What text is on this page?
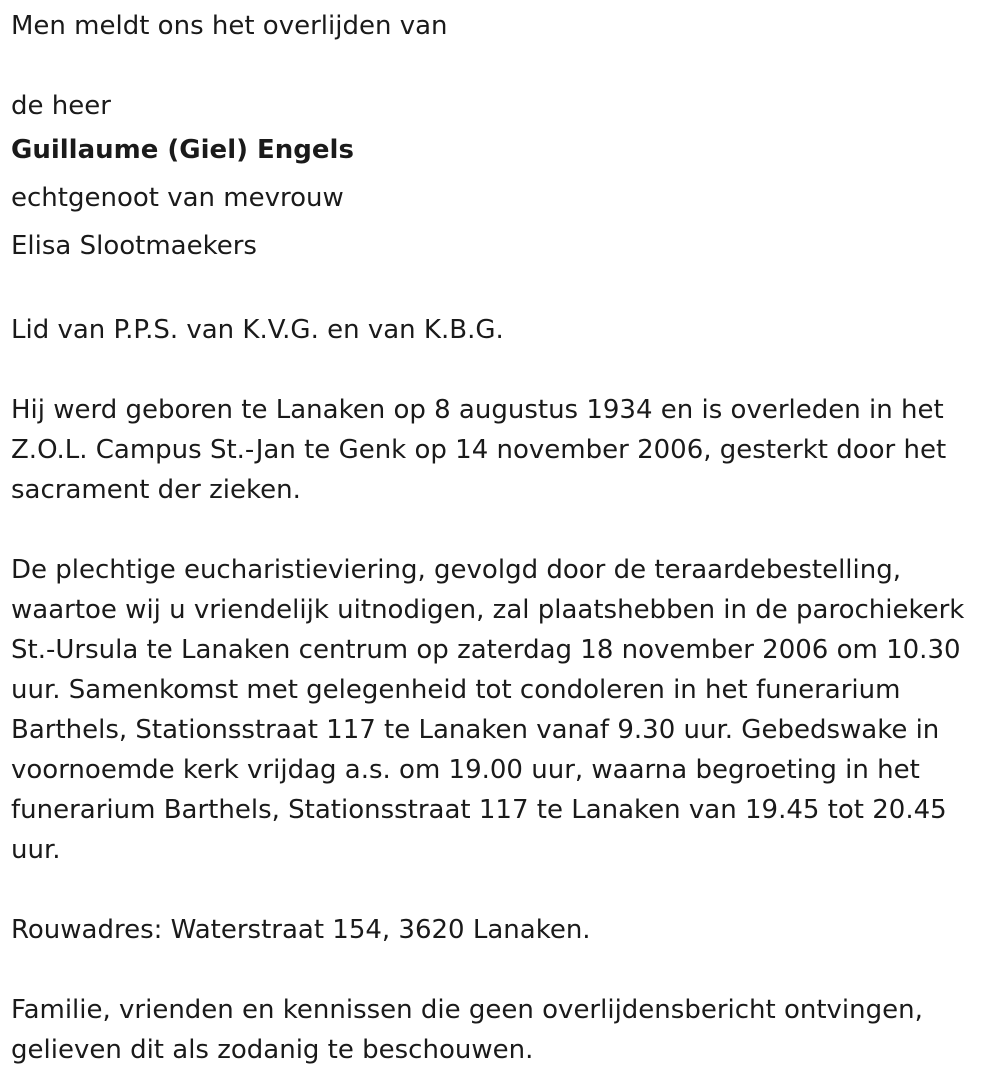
Men meldt ons het overlijden van
de heer
Guillaume (Giel) Engels
echtgenoot van mevrouw
Elisa Slootmaekers
Lid van P.P.S. van K.V.G. en van K.B.G.
Hij werd geboren te Lanaken op 8 augustus 1934 en is overleden in het
Z.O.L. Campus St.-Jan te Genk op 14 november 2006, gesterkt door het
sacrament der zieken.
De plechtige eucharistieviering, gevolgd door de teraardebestelling,
waartoe wij u vriendelijk uitnodigen, zal plaatshebben in de parochiekerk
St.-Ursula te Lanaken centrum op zaterdag 18 november 2006 om 10.30
uur. Samenkomst met gelegenheid tot condoleren in het funerarium
Barthels, Stationsstraat 117 te Lanaken vanaf 9.30 uur. Gebedswake in
voornoemde kerk vrijdag a.s. om 19.00 uur, waarna begroeting in het
funerarium Barthels, Stationsstraat 117 te Lanaken van 19.45 tot 20.45
uur.
Rouwadres: Waterstraat 154, 3620 Lanaken.
Familie, vrienden en kennissen die geen overlijdensbericht ontvingen,
gelieven dit als zodanig te beschouwen.
